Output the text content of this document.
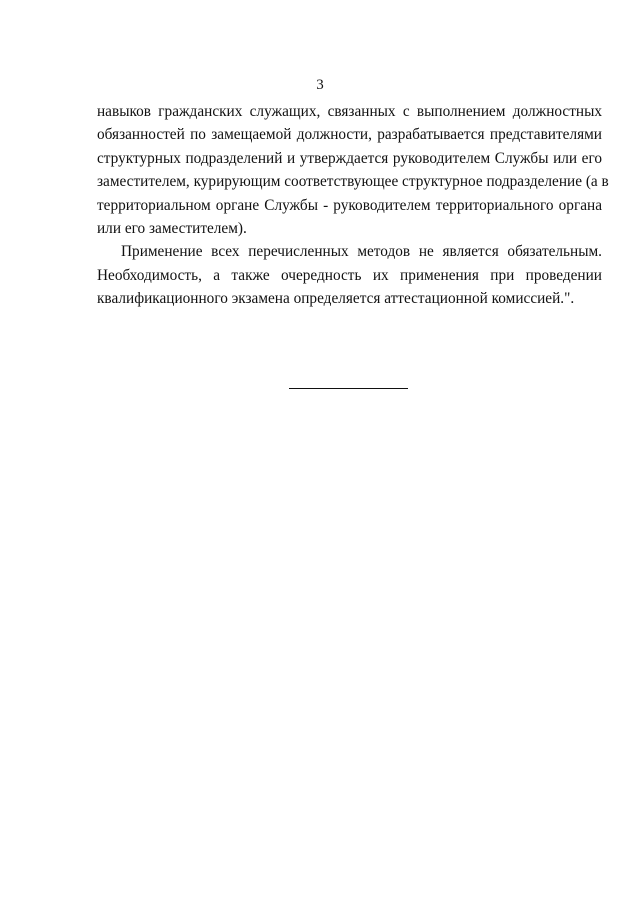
3

навыков гражданских служащих, связанных с выполнением должностных
обязанностей по замещаемой должности, разрабатывается представителями
структурных подразделений и утверждается руководителем Службы или его
заместителем, курирующим соответствующее структурное подразделение (а в
территориальном органе Службы - руководителем территориального органа
или его заместителем).

Применение всех перечисленных методов не является обязательным.
Необходимость, а также очередность их применения при проведении
квалификационного экзамена определяется аттестационной комиссией.".
